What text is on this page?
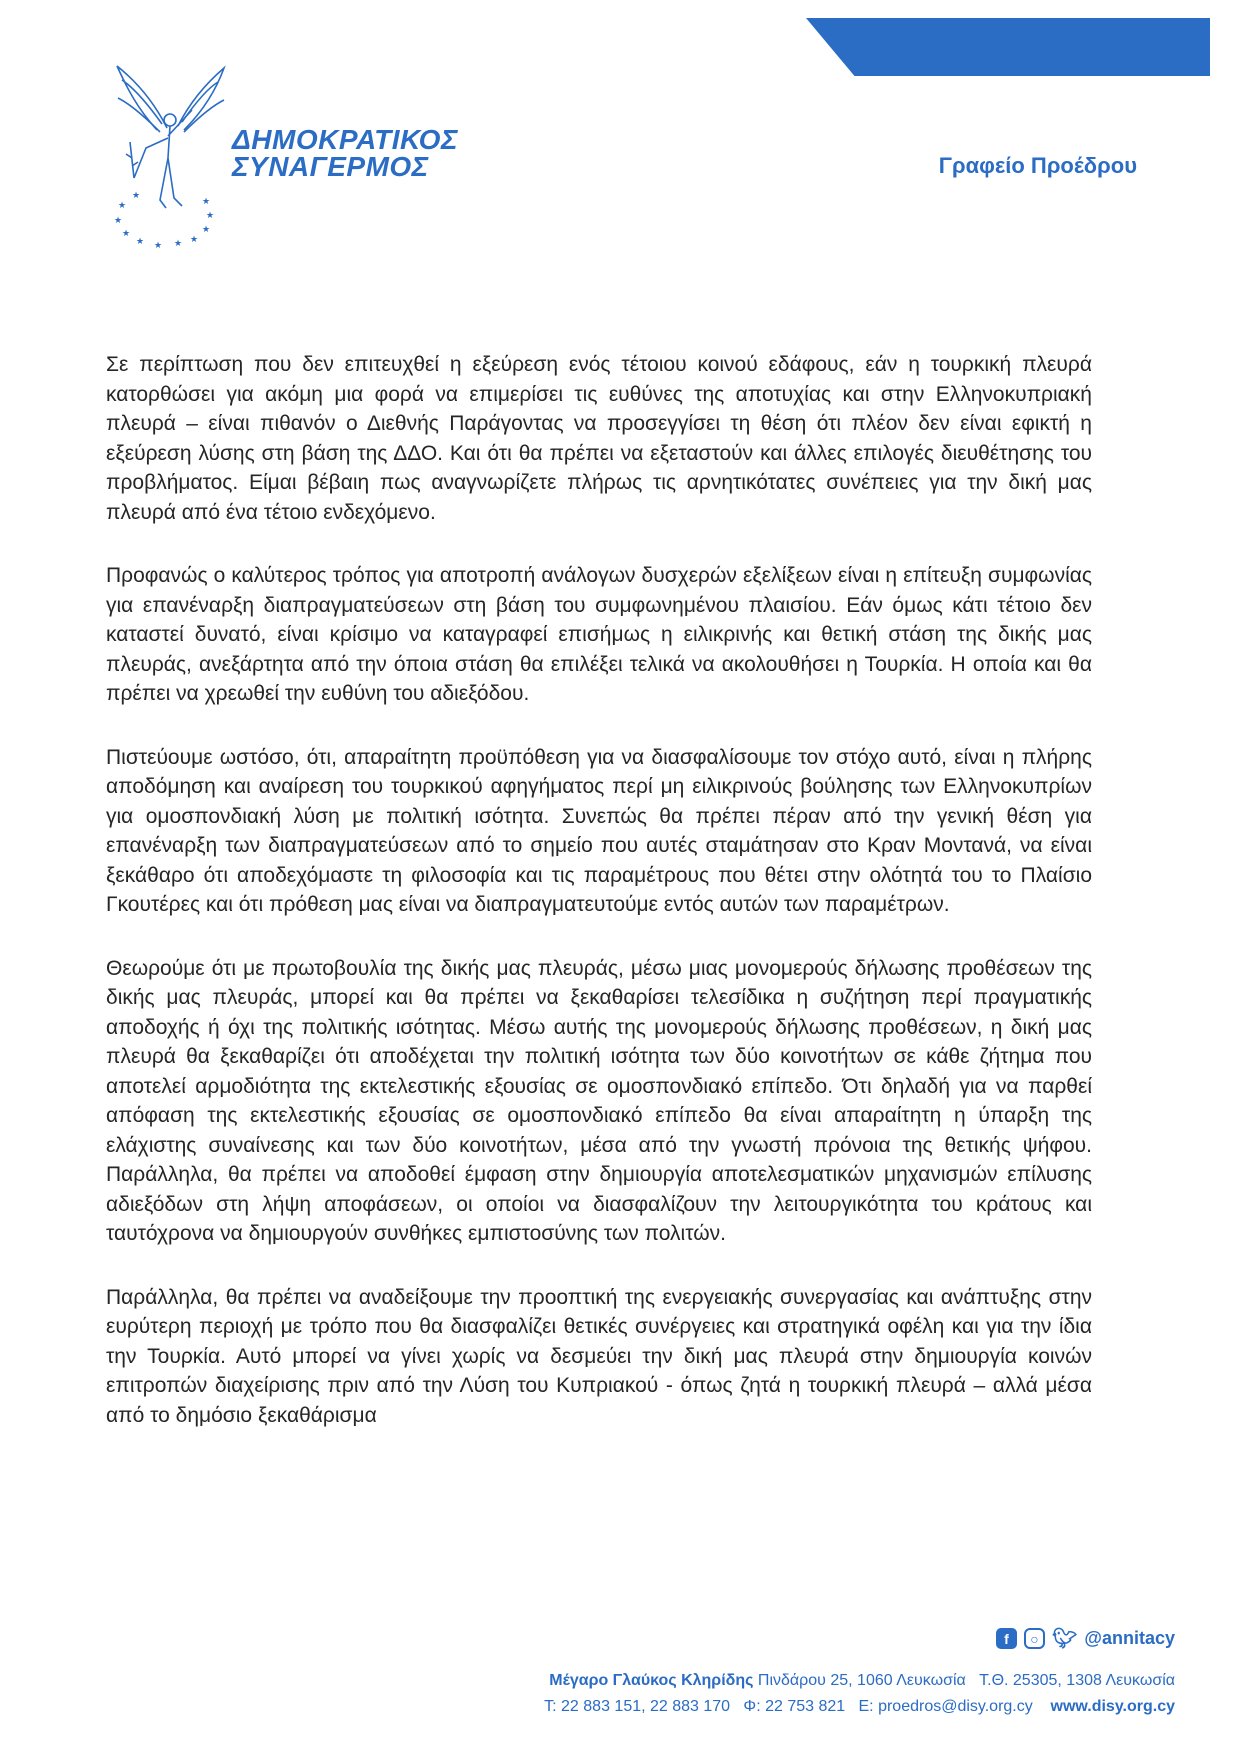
★
★
★
★ ★ ★ ★
★
★
★
★
ΔΗΜΟΚΡΑΤΙΚΟΣ
ΣΥΝΑΓΕΡΜΟΣ	Γραφείο Προέδρου

Σε περίπτωση που δεν επιτευχθεί η εξεύρεση ενός τέτοιου κοινού εδάφους, εάν η τουρκική πλευρά κατορθώσει για ακόμη μια φορά να επιμερίσει τις ευθύνες της αποτυχίας και στην Ελληνοκυπριακή πλευρά – είναι πιθανόν ο Διεθνής Παράγοντας να προσεγγίσει τη θέση ότι πλέον δεν είναι εφικτή η εξεύρεση λύσης στη βάση της ΔΔΟ. Και ότι θα πρέπει να εξεταστούν και άλλες επιλογές διευθέτησης του προβλήματος. Είμαι βέβαιη πως αναγνωρίζετε πλήρως τις αρνητικότατες συνέπειες για την δική μας πλευρά από ένα τέτοιο ενδεχόμενο.

Προφανώς ο καλύτερος τρόπος για αποτροπή ανάλογων δυσχερών εξελίξεων είναι η επίτευξη συμφωνίας για επανέναρξη διαπραγματεύσεων στη βάση του συμφωνημένου πλαισίου. Εάν όμως κάτι τέτοιο δεν καταστεί δυνατό, είναι κρίσιμο να καταγραφεί επισήμως η ειλικρινής και θετική στάση της δικής μας πλευράς, ανεξάρτητα από την όποια στάση θα επιλέξει τελικά να ακολουθήσει η Τουρκία. Η οποία και θα πρέπει να χρεωθεί την ευθύνη του αδιεξόδου.

Πιστεύουμε ωστόσο, ότι, απαραίτητη προϋπόθεση για να διασφαλίσουμε τον στόχο αυτό, είναι η πλήρης αποδόμηση και αναίρεση του τουρκικού αφηγήματος περί μη ειλικρινούς βούλησης των Ελληνοκυπρίων για ομοσπονδιακή λύση με πολιτική ισότητα. Συνεπώς θα πρέπει πέραν από την γενική θέση για επανέναρξη των διαπραγματεύσεων από το σημείο που αυτές σταμάτησαν στο Κραν Μοντανά, να είναι ξεκάθαρο ότι αποδεχόμαστε τη φιλοσοφία και τις παραμέτρους που θέτει στην ολότητά του το Πλαίσιο Γκουτέρες και ότι πρόθεση μας είναι να διαπραγματευτούμε εντός αυτών των παραμέτρων.

Θεωρούμε ότι με πρωτοβουλία της δικής μας πλευράς, μέσω μιας μονομερούς δήλωσης προθέσεων της δικής μας πλευράς, μπορεί και θα πρέπει να ξεκαθαρίσει τελεσίδικα η συζήτηση περί πραγματικής αποδοχής ή όχι της πολιτικής ισότητας. Μέσω αυτής της μονομερούς δήλωσης προθέσεων, η δική μας πλευρά θα ξεκαθαρίζει ότι αποδέχεται την πολιτική ισότητα των δύο κοινοτήτων σε κάθε ζήτημα που αποτελεί αρμοδιότητα της εκτελεστικής εξουσίας σε ομοσπονδιακό επίπεδο. Ότι δηλαδή για να παρθεί απόφαση της εκτελεστικής εξουσίας σε ομοσπονδιακό επίπεδο θα είναι απαραίτητη η ύπαρξη της ελάχιστης συναίνεσης και των δύο κοινοτήτων, μέσα από την γνωστή πρόνοια της θετικής ψήφου. Παράλληλα, θα πρέπει να αποδοθεί έμφαση στην δημιουργία αποτελεσματικών μηχανισμών επίλυσης αδιεξόδων στη λήψη αποφάσεων, οι οποίοι να διασφαλίζουν την λειτουργικότητα του κράτους και ταυτόχρονα να δημιουργούν συνθήκες εμπιστοσύνης των πολιτών.

Παράλληλα, θα πρέπει να αναδείξουμε την προοπτική της ενεργειακής συνεργασίας και ανάπτυξης στην ευρύτερη περιοχή με τρόπο που θα διασφαλίζει θετικές συνέργειες και στρατηγικά οφέλη και για την ίδια την Τουρκία. Αυτό μπορεί να γίνει χωρίς να δεσμεύει την δική μας πλευρά στην δημιουργία κοινών επιτροπών διαχείρισης πριν από την Λύση του Κυπριακού - όπως ζητά η τουρκική πλευρά – αλλά μέσα από το δημόσιο ξεκαθάρισμα

f	○ 🐦︎ @annitacy
Μέγαρο Γλαύκος Κληρίδης Πινδάρου 25, 1060 Λευκωσία Τ.Θ. 25305, 1308 Λευκωσία
Τ: 22 883 151, 22 883 170 Φ: 22 753 821 E: proedros@disy.org.cy www.disy.org.cy
